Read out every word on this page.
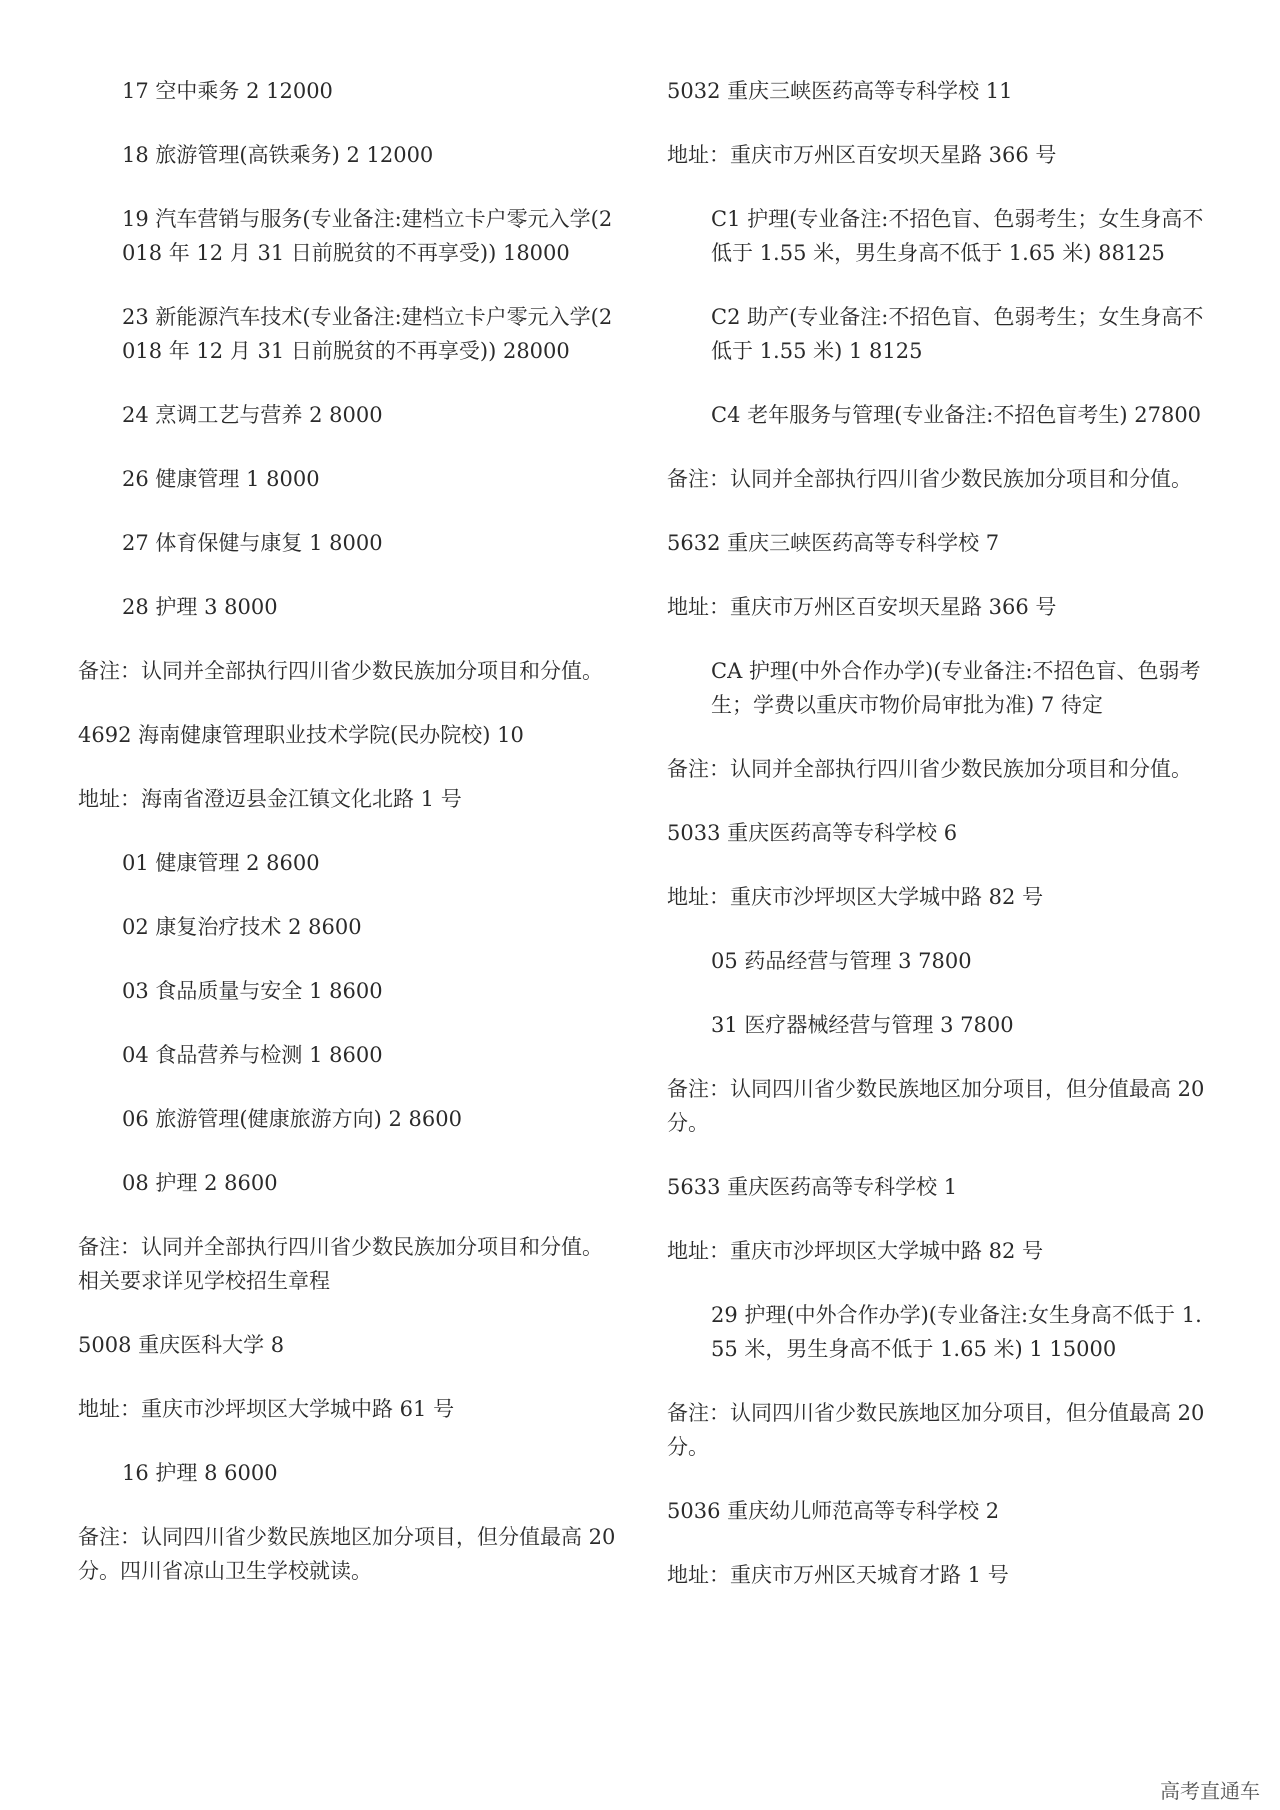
17 空中乘务 2 12000

18 旅游管理(高铁乘务) 2 12000

19 汽车营销与服务(专业备注:建档立卡户零元入学(2018 年 12 月 31 日前脱贫的不再享受)) 18000

23 新能源汽车技术(专业备注:建档立卡户零元入学(2018 年 12 月 31 日前脱贫的不再享受)) 28000

24 烹调工艺与营养 2 8000

26 健康管理 1 8000

27 体育保健与康复 1 8000

28 护理 3 8000

备注：认同并全部执行四川省少数民族加分项目和分值。

4692 海南健康管理职业技术学院(民办院校) 10

地址：海南省澄迈县金江镇文化北路 1 号

01 健康管理 2 8600

02 康复治疗技术 2 8600

03 食品质量与安全 1 8600

04 食品营养与检测 1 8600

06 旅游管理(健康旅游方向) 2 8600

08 护理 2 8600

备注：认同并全部执行四川省少数民族加分项目和分值。相关要求详见学校招生章程

5008 重庆医科大学 8

地址：重庆市沙坪坝区大学城中路 61 号

16 护理 8 6000

备注：认同四川省少数民族地区加分项目，但分值最高 20 分。四川省凉山卫生学校就读。

5032 重庆三峡医药高等专科学校 11

地址：重庆市万州区百安坝天星路 366 号

C1 护理(专业备注:不招色盲、色弱考生；女生身高不低于 1.55 米，男生身高不低于 1.65 米) 88125

C2 助产(专业备注:不招色盲、色弱考生；女生身高不低于 1.55 米) 1 8125

C4 老年服务与管理(专业备注:不招色盲考生) 27800

备注：认同并全部执行四川省少数民族加分项目和分值。

5632 重庆三峡医药高等专科学校 7

地址：重庆市万州区百安坝天星路 366 号

CA 护理(中外合作办学)(专业备注:不招色盲、色弱考生；学费以重庆市物价局审批为准) 7 待定

备注：认同并全部执行四川省少数民族加分项目和分值。

5033 重庆医药高等专科学校 6

地址：重庆市沙坪坝区大学城中路 82 号

05 药品经营与管理 3 7800

31 医疗器械经营与管理 3 7800

备注：认同四川省少数民族地区加分项目，但分值最高 20 分。

5633 重庆医药高等专科学校 1

地址：重庆市沙坪坝区大学城中路 82 号

29 护理(中外合作办学)(专业备注:女生身高不低于 1.55 米，男生身高不低于 1.65 米) 1 15000

备注：认同四川省少数民族地区加分项目，但分值最高 20 分。

5036 重庆幼儿师范高等专科学校 2

地址：重庆市万州区天城育才路 1 号

高考直通车
